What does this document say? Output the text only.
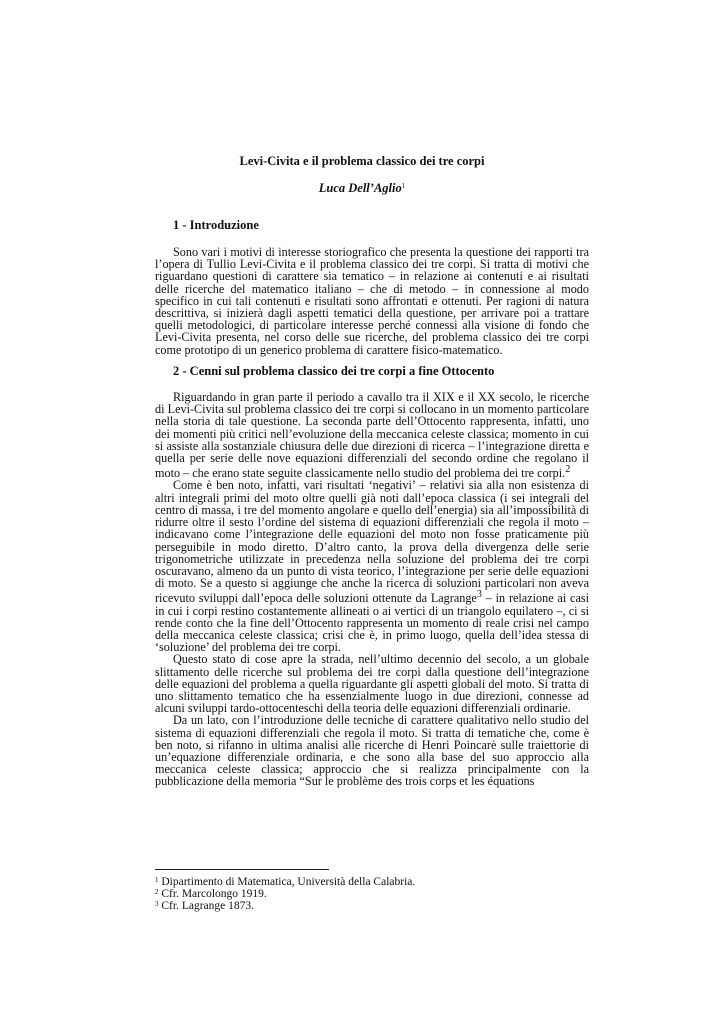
Levi-Civita e il problema classico dei tre corpi
Luca Dell’Aglio$^1$
1 - Introduzione

Sono vari i motivi di interesse storiografico che presenta la questione dei rapporti tra l’opera di Tullio Levi-Civita e il problema classico dei tre corpi. Si tratta di motivi che riguardano questioni di carattere sia tematico – in relazione ai contenuti e ai risultati delle ricerche del matematico italiano – che di metodo – in connessione al modo specifico in cui tali contenuti e risultati sono affrontati e ottenuti. Per ragioni di natura descrittiva, si inizierà dagli aspetti tematici della questione, per arrivare poi a trattare quelli metodologici, di particolare interesse perché connessi alla visione di fondo che Levi-Civita presenta, nel corso delle sue ricerche, del problema classico dei tre corpi come prototipo di un generico problema di carattere fisico-matematico.

2 - Cenni sul problema classico dei tre corpi a fine Ottocento

Riguardando in gran parte il periodo a cavallo tra il XIX e il XX secolo, le ricerche di Levi-Civita sul problema classico dei tre corpi si collocano in un momento particolare nella storia di tale questione. La seconda parte dell’Ottocento rappresenta, infatti, uno dei momenti più critici nell’evoluzione della meccanica celeste classica; momento in cui si assiste alla sostanziale chiusura delle due direzioni di ricerca – l’integrazione diretta e quella per serie delle nove equazioni differenziali del secondo ordine che regolano il moto – che erano state seguite classicamente nello studio del problema dei tre corpi.$^2$

Come è ben noto, infatti, vari risultati ‘negativi’ – relativi sia alla non esistenza di altri integrali primi del moto oltre quelli già noti dall’epoca classica (i sei integrali del centro di massa, i tre del momento angolare e quello dell’energia) sia all’impossibilità di ridurre oltre il sesto l’ordine del sistema di equazioni differenziali che regola il moto – indicavano come l’integrazione delle equazioni del moto non fosse praticamente più perseguibile in modo diretto. D’altro canto, la prova della divergenza delle serie trigonometriche utilizzate in precedenza nella soluzione del problema dei tre corpi oscuravano, almeno da un punto di vista teorico, l’integrazione per serie delle equazioni di moto. Se a questo si aggiunge che anche la ricerca di soluzioni particolari non aveva ricevuto sviluppi dall’epoca delle soluzioni ottenute da Lagrange$^3$ – in relazione ai casi in cui i corpi restino costantemente allineati o ai vertici di un triangolo equilatero –, ci si rende conto che la fine dell’Ottocento rappresenta un momento di reale crisi nel campo della meccanica celeste classica; crisi che è, in primo luogo, quella dell’idea stessa di ‘soluzione’ del problema dei tre corpi.

Questo stato di cose apre la strada, nell’ultimo decennio del secolo, a un globale slittamento delle ricerche sul problema dei tre corpi dalla questione dell’integrazione delle equazioni del problema a quella riguardante gli aspetti globali del moto. Si tratta di uno slittamento tematico che ha essenzialmente luogo in due direzioni, connesse ad alcuni sviluppi tardo-ottocenteschi della teoria delle equazioni differenziali ordinarie.

Da un lato, con l’introduzione delle tecniche di carattere qualitativo nello studio del sistema di equazioni differenziali che regola il moto. Si tratta di tematiche che, come è ben noto, si rifanno in ultima analisi alle ricerche di Henri Poincarè sulle traiettorie di un’equazione differenziale ordinaria, e che sono alla base del suo approccio alla meccanica celeste classica; approccio che si realizza principalmente con la pubblicazione della memoria “Sur le problème des trois corps et les équations

$^1$ Dipartimento di Matematica, Università della Calabria.

$^2$ Cfr. Marcolongo 1919.

$^3$ Cfr. Lagrange 1873.
